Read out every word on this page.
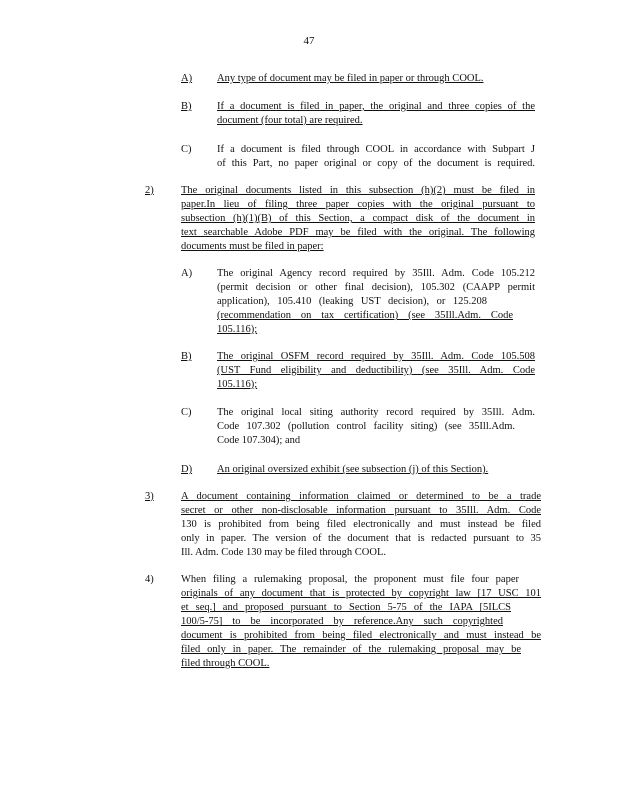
47
A) Any type of document may be filed in paper or through COOL.
B) If a document is filed in paper, the original and three copies of the
document (four total) are required.
C) If a document is filed through COOL in accordance with Subpart J
of this Part, no paper original or copy of the document is required.
2)	The original documents listed in this subsection (h)(2) must be filed in
paper.In lieu of filing three paper copies with the original pursuant to
subsection (h)(1)(B) of this Section, a compact disk of the document in
text searchable Adobe PDF may be filed with the original. The following
documents must be filed in paper:
A) The original Agency record required by 35Ill. Adm. Code 105.212
(permit decision or other final decision), 105.302 (CAAPP permit
application), 105.410 (leaking UST decision), or 125.208
(recommendation on tax certification) (see 35Ill.Adm. Code
105.116);
B) The original OSFM record required by 35Ill. Adm. Code 105.508
(UST Fund eligibility and deductibility) (see 35Ill. Adm. Code
105.116);
C) The original local siting authority record required by 35Ill. Adm.
Code 107.302 (pollution control facility siting) (see 35Ill.Adm.
Code 107.304); and
D) An original oversized exhibit (see subsection (j) of this Section).
3)	A document containing information claimed or determined to be a trade
secret or other non-disclosable information pursuant to 35Ill. Adm. Code
130 is prohibited from being filed electronically and must instead be filed
only in paper. The version of the document that is redacted pursuant to 35
Ill. Adm. Code 130 may be filed through COOL.
4)	When filing a rulemaking proposal, the proponent must file four paper
originals of any document that is protected by copyright law [17 USC 101
et seq.] and proposed pursuant to Section 5-75 of the IAPA [5ILCS
100/5-75] to be incorporated by reference.Any such copyrighted
document is prohibited from being filed electronically and must instead be
filed only in paper. The remainder of the rulemaking proposal may be
filed through COOL.
